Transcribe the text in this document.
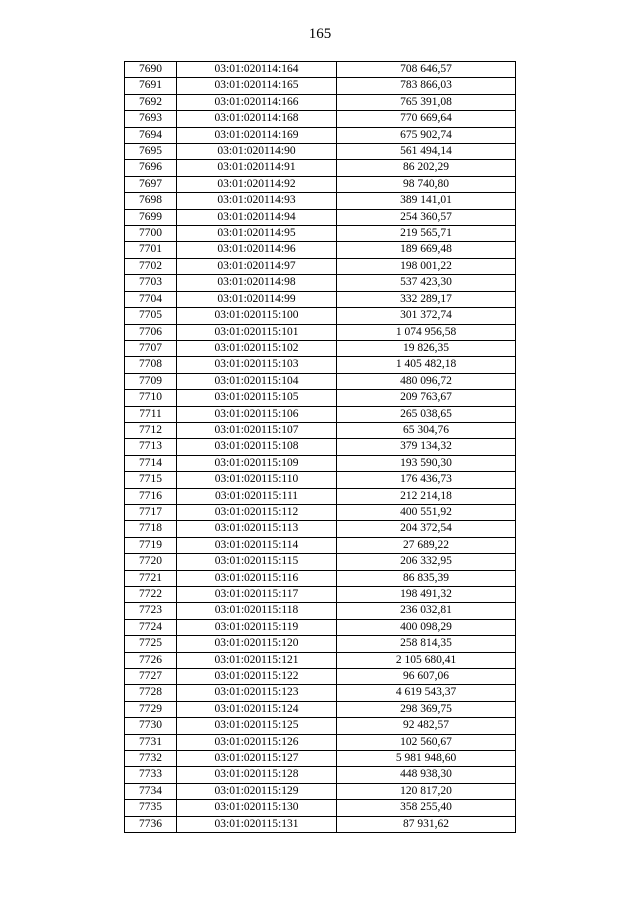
165
7690	03:01:020114:164	708 646,57
7691	03:01:020114:165	783 866,03
7692	03:01:020114:166	765 391,08
7693	03:01:020114:168	770 669,64
7694	03:01:020114:169	675 902,74
7695	03:01:020114:90	561 494,14
7696	03:01:020114:91	86 202,29
7697	03:01:020114:92	98 740,80
7698	03:01:020114:93	389 141,01
7699	03:01:020114:94	254 360,57
7700	03:01:020114:95	219 565,71
7701	03:01:020114:96	189 669,48
7702	03:01:020114:97	198 001,22
7703	03:01:020114:98	537 423,30
7704	03:01:020114:99	332 289,17
7705	03:01:020115:100	301 372,74
7706	03:01:020115:101	1 074 956,58
7707	03:01:020115:102	19 826,35
7708	03:01:020115:103	1 405 482,18
7709	03:01:020115:104	480 096,72
7710	03:01:020115:105	209 763,67
7711	03:01:020115:106	265 038,65
7712	03:01:020115:107	65 304,76
7713	03:01:020115:108	379 134,32
7714	03:01:020115:109	193 590,30
7715	03:01:020115:110	176 436,73
7716	03:01:020115:111	212 214,18
7717	03:01:020115:112	400 551,92
7718	03:01:020115:113	204 372,54
7719	03:01:020115:114	27 689,22
7720	03:01:020115:115	206 332,95
7721	03:01:020115:116	86 835,39
7722	03:01:020115:117	198 491,32
7723	03:01:020115:118	236 032,81
7724	03:01:020115:119	400 098,29
7725	03:01:020115:120	258 814,35
7726	03:01:020115:121	2 105 680,41
7727	03:01:020115:122	96 607,06
7728	03:01:020115:123	4 619 543,37
7729	03:01:020115:124	298 369,75
7730	03:01:020115:125	92 482,57
7731	03:01:020115:126	102 560,67
7732	03:01:020115:127	5 981 948,60
7733	03:01:020115:128	448 938,30
7734	03:01:020115:129	120 817,20
7735	03:01:020115:130	358 255,40
7736	03:01:020115:131	87 931,62
